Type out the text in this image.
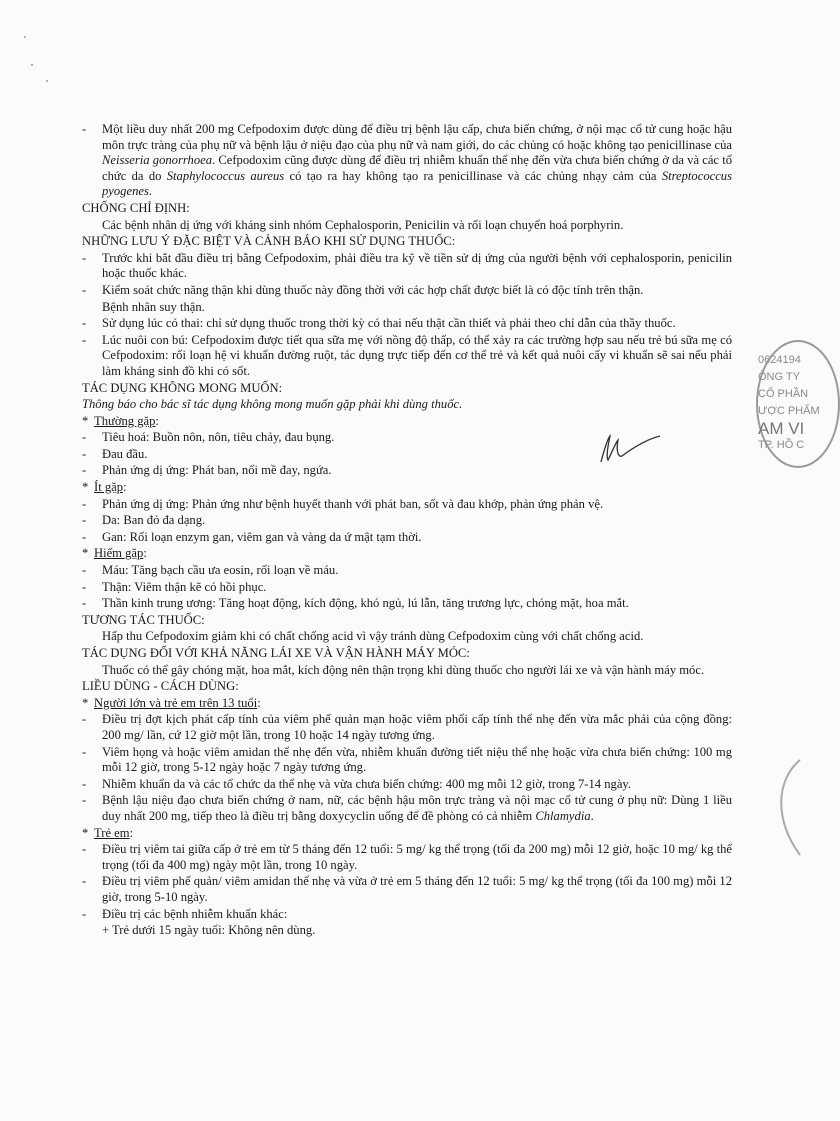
- Một liều duy nhất 200 mg Cefpodoxim được dùng để điều trị bệnh lậu cấp, chưa biến chứng, ở nội mạc cổ tử cung hoặc hậu môn trực tràng của phụ nữ và bệnh lậu ở niệu đạo của phụ nữ và nam giới, do các chủng có hoặc không tạo penicillinase của Neisseria gonorrhoea. Cefpodoxim cũng được dùng để điều trị nhiễm khuẩn thể nhẹ đến vừa chưa biến chứng ở da và các tổ chức da do Staphylococcus aureus có tạo ra hay không tạo ra penicillinase và các chủng nhạy cảm của Streptococcus pyogenes.

CHỐNG CHỈ ĐỊNH:

Các bệnh nhân dị ứng với kháng sinh nhóm Cephalosporin, Penicilin và rối loạn chuyển hoá porphyrin.

NHỮNG LƯU Ý ĐẶC BIỆT VÀ CẢNH BÁO KHI SỬ DỤNG THUỐC:

- Trước khi bắt đầu điều trị bằng Cefpodoxim, phải điều tra kỹ về tiền sử dị ứng của người bệnh với cephalosporin, penicilin hoặc thuốc khác.

- Kiểm soát chức năng thận khi dùng thuốc này đồng thời với các hợp chất được biết là có độc tính trên thận.

Bệnh nhân suy thận.

- Sử dụng lúc có thai: chỉ sử dụng thuốc trong thời kỳ có thai nếu thật cần thiết và phải theo chỉ dẫn của thầy thuốc.

- Lúc nuôi con bú: Cefpodoxim được tiết qua sữa mẹ với nồng độ thấp, có thể xảy ra các trường hợp sau nếu trẻ bú sữa mẹ có Cefpodoxim: rối loạn hệ vi khuẩn đường ruột, tác dụng trực tiếp đến cơ thể trẻ và kết quả nuôi cấy vi khuẩn sẽ sai nếu phải làm kháng sinh đồ khi có sốt.

TÁC DỤNG KHÔNG MONG MUỐN:

Thông báo cho bác sĩ tác dụng không mong muốn gặp phải khi dùng thuốc.

* Thường gặp:

- Tiêu hoá: Buồn nôn, nôn, tiêu chảy, đau bụng.

- Đau đầu.

- Phản ứng dị ứng: Phát ban, nổi mề đay, ngứa.

* Ít gặp:

- Phản ứng dị ứng: Phản ứng như bệnh huyết thanh với phát ban, sốt và đau khớp, phản ứng phản vệ.

- Da: Ban đỏ đa dạng.

- Gan: Rối loạn enzym gan, viêm gan và vàng da ứ mật tạm thời.

* Hiếm gặp:

- Máu: Tăng bạch cầu ưa eosin, rối loạn về máu.

- Thận: Viêm thận kẽ có hồi phục.

- Thần kinh trung ương: Tăng hoạt động, kích động, khó ngủ, lú lẫn, tăng trương lực, chóng mặt, hoa mắt.

TƯƠNG TÁC THUỐC:

Hấp thu Cefpodoxim giảm khi có chất chống acid vì vậy tránh dùng Cefpodoxim cùng với chất chống acid.

TÁC DỤNG ĐỐI VỚI KHẢ NĂNG LÁI XE VÀ VẬN HÀNH MÁY MÓC:

Thuốc có thể gây chóng mặt, hoa mắt, kích động nên thận trọng khi dùng thuốc cho người lái xe và vận hành máy móc.

LIỀU DÙNG - CÁCH DÙNG:

* Người lớn và trẻ em trên 13 tuổi:

- Điều trị đợt kịch phát cấp tính của viêm phế quản mạn hoặc viêm phổi cấp tính thể nhẹ đến vừa mắc phải của cộng đồng: 200 mg/ lần, cứ 12 giờ một lần, trong 10 hoặc 14 ngày tương ứng.

- Viêm họng và hoặc viêm amidan thể nhẹ đến vừa, nhiễm khuẩn đường tiết niệu thể nhẹ hoặc vừa chưa biến chứng: 100 mg mỗi 12 giờ, trong 5-12 ngày hoặc 7 ngày tương ứng.

- Nhiễm khuẩn da và các tổ chức da thể nhẹ và vừa chưa biến chứng: 400 mg mỗi 12 giờ, trong 7-14 ngày.

- Bệnh lậu niệu đạo chưa biến chứng ở nam, nữ, các bệnh hậu môn trực tràng và nội mạc cổ tử cung ở phụ nữ: Dùng 1 liều duy nhất 200 mg, tiếp theo là điều trị bằng doxycyclin uống để đề phòng có cả nhiễm Chlamydia.

* Trẻ em:

- Điều trị viêm tai giữa cấp ở trẻ em từ 5 tháng đến 12 tuổi: 5 mg/ kg thể trọng (tối đa 200 mg) mỗi 12 giờ, hoặc 10 mg/ kg thể trọng (tối đa 400 mg) ngày một lần, trong 10 ngày.

- Điều trị viêm phế quản/ viêm amidan thể nhẹ và vừa ở trẻ em 5 tháng đến 12 tuổi: 5 mg/ kg thể trọng (tối đa 100 mg) mỗi 12 giờ, trong 5-10 ngày.

- Điều trị các bệnh nhiễm khuẩn khác:

+ Trẻ dưới 15 ngày tuổi: Không nên dùng.

0624194
ÔNG TY
CỔ PHẦN
ƯỢC PHẨM
AM VI
TP. HỒ C
